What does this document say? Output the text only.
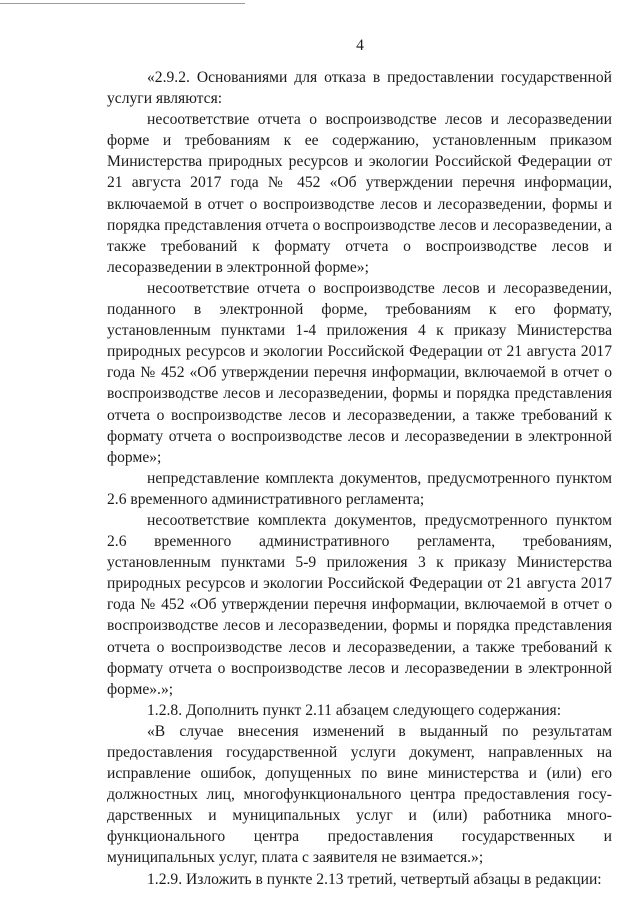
4

«2.9.2. Основаниями для отказа в предоставлении государственной услуги являются:

несоответствие отчета о воспроизводстве лесов и лесоразведении форме и требованиям к ее содержанию, установленным приказом Министерства природных ресурсов и экологии Российской Федерации от 21 августа 2017 года № 452 «Об утверждении перечня информации, включаемой в отчет о воспроизводстве лесов и лесоразведении, формы и порядка представления отчета о воспроизводстве лесов и лесоразведении, а также требований к формату отчета о воспроизводстве лесов и лесоразведении в электронной форме»;

несоответствие отчета о воспроизводстве лесов и лесоразведении, поданного в электронной форме, требованиям к его формату, установленным пунктами 1-4 приложения 4 к приказу Министерства природных ресурсов и экологии Российской Федерации от 21 августа 2017 года № 452 «Об утверждении перечня информации, включаемой в отчет о воспроизводстве лесов и лесоразведении, формы и порядка представления отчета о воспроизводстве лесов и лесоразведении, а также требований к формату отчета о воспроизводстве лесов и лесоразведении в электронной форме»;

непредставление комплекта документов, предусмотренного пунктом 2.6 временного административного регламента;

несоответствие комплекта документов, предусмотренного пунктом 2.6 временного административного регламента, требованиям, установленным пунктами 5-9 приложения 3 к приказу Министерства природных ресурсов и экологии Российской Федерации от 21 августа 2017 года № 452 «Об утверждении перечня информации, включаемой в отчет о воспроизводстве лесов и лесоразведении, формы и порядка представления отчета о воспроизводстве лесов и лесоразведении, а также требований к формату отчета о воспроизводстве лесов и лесоразведении в электронной форме».»;

1.2.8. Дополнить пункт 2.11 абзацем следующего содержания:

«В случае внесения изменений в выданный по результатам предоставления государственной услуги документ, направленных на исправление ошибок, допущенных по вине министерства и (или) его должностных лиц, многофункционального центра предоставления госу-дарственных и муниципальных услуг и (или) работника много-функционального центра предоставления государственных и муниципальных услуг, плата с заявителя не взимается.»;

1.2.9. Изложить в пункте 2.13 третий, четвертый абзацы в редакции:
